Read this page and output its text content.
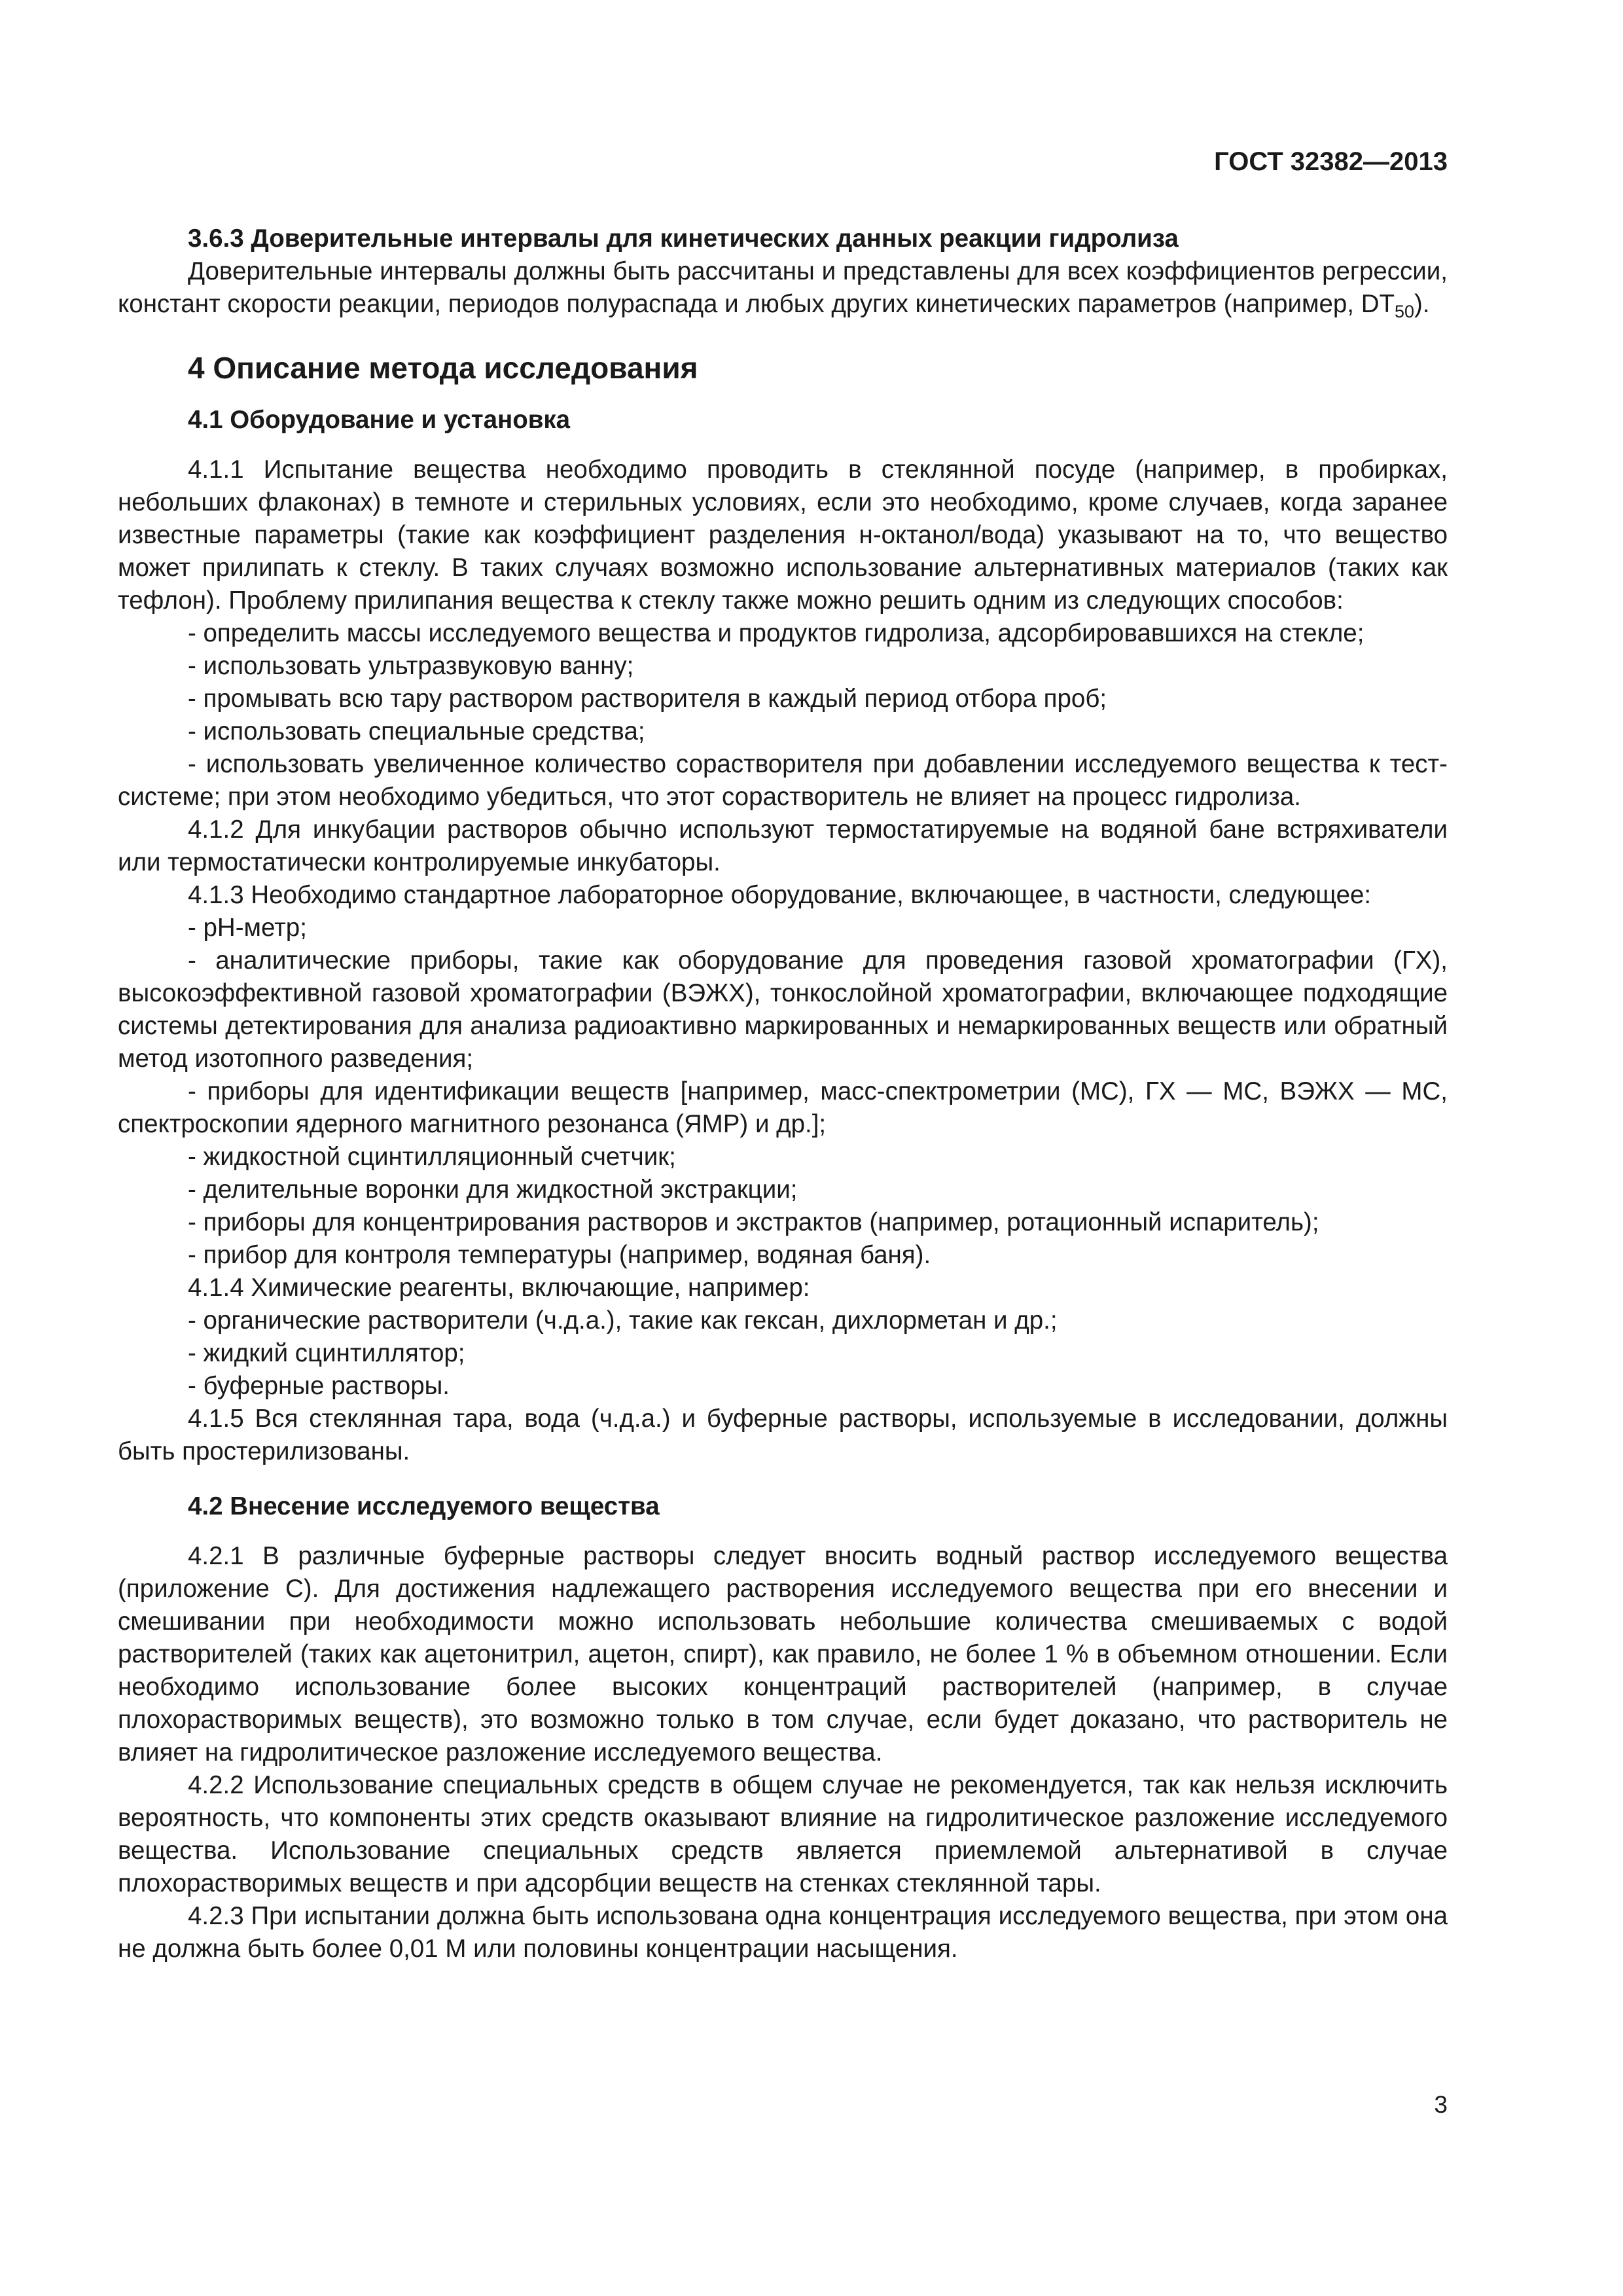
ГОСТ 32382—2013

3.6.3 Доверительные интервалы для кинетических данных реакции гидролиза

Доверительные интервалы должны быть рассчитаны и представлены для всех коэффициентов регрессии, констант скорости реакции, периодов полураспада и любых других кинетических параметров (например, $DT_{50}$).

4 Описание метода исследования

4.1 Оборудование и установка

4.1.1 Испытание вещества необходимо проводить в стеклянной посуде (например, в пробирках, небольших флаконах) в темноте и стерильных условиях, если это необходимо, кроме случаев, когда заранее известные параметры (такие как коэффициент разделения н-октанол/вода) указывают на то, что вещество может прилипать к стеклу. В таких случаях возможно использование альтернативных материалов (таких как тефлон). Проблему прилипания вещества к стеклу также можно решить одним из следующих способов:

- определить массы исследуемого вещества и продуктов гидролиза, адсорбировавшихся на стекле;

- использовать ультразвуковую ванну;

- промывать всю тару раствором растворителя в каждый период отбора проб;

- использовать специальные средства;

- использовать увеличенное количество сорастворителя при добавлении исследуемого вещества к тест-системе; при этом необходимо убедиться, что этот сорастворитель не влияет на процесс гидролиза.

4.1.2 Для инкубации растворов обычно используют термостатируемые на водяной бане встряхиватели или термостатически контролируемые инкубаторы.

4.1.3 Необходимо стандартное лабораторное оборудование, включающее, в частности, следующее:

- pH-метр;

- аналитические приборы, такие как оборудование для проведения газовой хроматографии (ГХ), высокоэффективной газовой хроматографии (ВЭЖХ), тонкослойной хроматографии, включающее подходящие системы детектирования для анализа радиоактивно маркированных и немаркированных веществ или обратный метод изотопного разведения;

- приборы для идентификации веществ [например, масс-спектрометрии (МС), ГХ — МС, ВЭЖХ — МС, спектроскопии ядерного магнитного резонанса (ЯМР) и др.];

- жидкостной сцинтилляционный счетчик;

- делительные воронки для жидкостной экстракции;

- приборы для концентрирования растворов и экстрактов (например, ротационный испаритель);

- прибор для контроля температуры (например, водяная баня).

4.1.4 Химические реагенты, включающие, например:

- органические растворители (ч.д.а.), такие как гексан, дихлорметан и др.;

- жидкий сцинтиллятор;

- буферные растворы.

4.1.5 Вся стеклянная тара, вода (ч.д.а.) и буферные растворы, используемые в исследовании, должны быть простерилизованы.

4.2 Внесение исследуемого вещества

4.2.1 В различные буферные растворы следует вносить водный раствор исследуемого вещества (приложение С). Для достижения надлежащего растворения исследуемого вещества при его внесении и смешивании при необходимости можно использовать небольшие количества смешиваемых с водой растворителей (таких как ацетонитрил, ацетон, спирт), как правило, не более 1 % в объемном отношении. Если необходимо использование более высоких концентраций растворителей (например, в случае плохорастворимых веществ), это возможно только в том случае, если будет доказано, что растворитель не влияет на гидролитическое разложение исследуемого вещества.

4.2.2 Использование специальных средств в общем случае не рекомендуется, так как нельзя исключить вероятность, что компоненты этих средств оказывают влияние на гидролитическое разложение исследуемого вещества. Использование специальных средств является приемлемой альтернативой в случае плохорастворимых веществ и при адсорбции веществ на стенках стеклянной тары.

4.2.3 При испытании должна быть использована одна концентрация исследуемого вещества, при этом она не должна быть более 0,01 М или половины концентрации насыщения.

3
